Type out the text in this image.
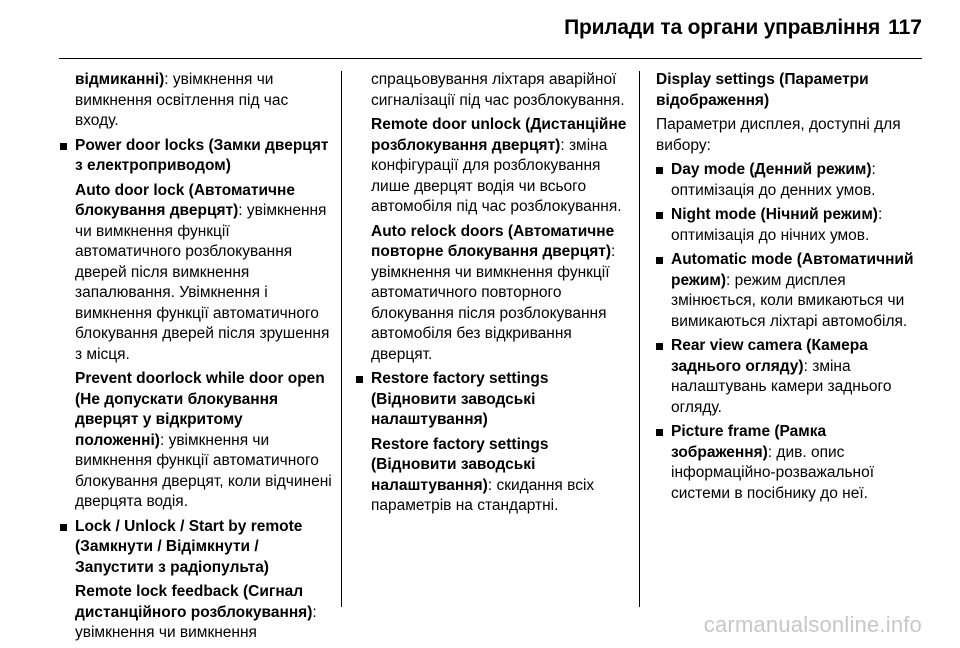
Прилади та органи управління 117

відмиканні): увімкнення чи вимкнення освітлення під час входу.

Power door locks (Замки дверцят з електроприводом)

Auto door lock (Автоматичне блокування дверцят): увімкнення чи вимкнення функції автоматичного розблокування дверей після вимкнення запалювання. Увімкнення і вимкнення функції автоматичного блокування дверей після зрушення з місця.

Prevent doorlock while door open (Не допускати блокування дверцят у відкритому положенні): увімкнення чи вимкнення функції автоматичного блокування дверцят, коли відчинені дверцята водія.

Lock / Unlock / Start by remote (Замкнути / Відімкнути / Запустити з радіопульта)

Remote lock feedback (Сигнал дистанційного розблокування): увімкнення чи вимкнення

спрацьовування ліхтаря аварійної сигналізації під час розблокування.

Remote door unlock (Дистанційне розблокування дверцят): зміна конфігурації для розблокування лише дверцят водія чи всього автомобіля під час розблокування.

Auto relock doors (Автоматичне повторне блокування дверцят): увімкнення чи вимкнення функції автоматичного повторного блокування після розблокування автомобіля без відкривання дверцят.

Restore factory settings (Відновити заводські налаштування)

Restore factory settings (Відновити заводські налаштування): скидання всіх параметрів на стандартні.

Display settings (Параметри відображення)

Параметри дисплея, доступні для вибору:

Day mode (Денний режим): оптимізація до денних умов.
Night mode (Нічний режим): оптимізація до нічних умов.
Automatic mode (Автоматичний режим): режим дисплея змінюється, коли вмикаються чи вимикаються ліхтарі автомобіля.
Rear view camera (Камера заднього огляду): зміна налаштувань камери заднього огляду.
Picture frame (Рамка зображення): див. опис інформаційно-розважальної системи в посібнику до неї.
carmanualsonline.info
